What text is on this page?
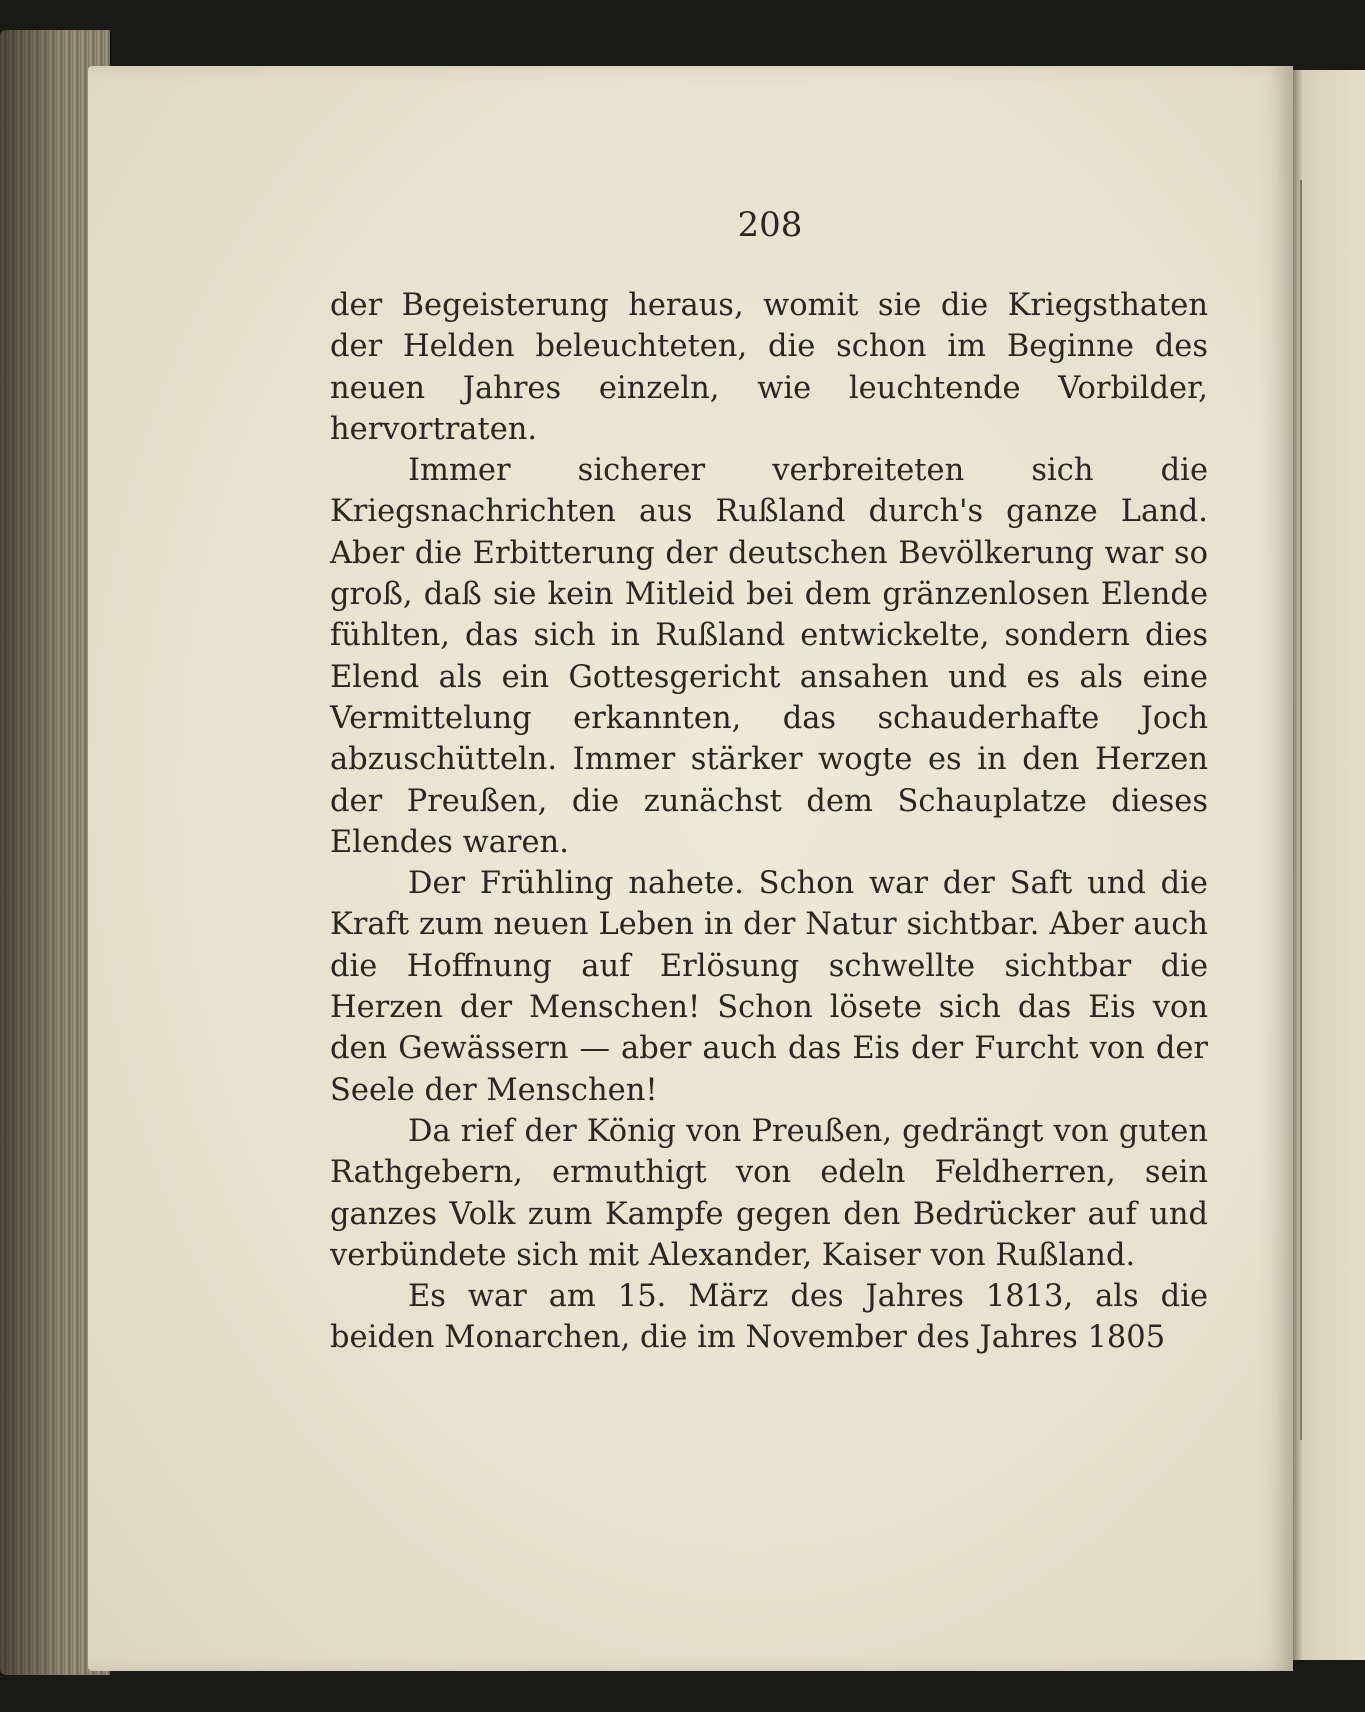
208

der Begeisterung heraus, womit sie die Kriegsthaten der Helden beleuchteten, die schon im Beginne des neuen Jahres einzeln, wie leuchtende Vorbilder, hervortraten.

Immer sicherer verbreiteten sich die Kriegsnachrichten aus Rußland durch's ganze Land. Aber die Erbitterung der deutschen Bevölkerung war so groß, daß sie kein Mitleid bei dem gränzenlosen Elende fühlten, das sich in Rußland entwickelte, sondern dies Elend als ein Gottesgericht ansahen und es als eine Vermittelung erkannten, das schauderhafte Joch abzuschütteln. Immer stärker wogte es in den Herzen der Preußen, die zunächst dem Schauplatze dieses Elendes waren.

Der Frühling nahete. Schon war der Saft und die Kraft zum neuen Leben in der Natur sichtbar. Aber auch die Hoffnung auf Erlösung schwellte sichtbar die Herzen der Menschen! Schon lösete sich das Eis von den Gewässern — aber auch das Eis der Furcht von der Seele der Menschen!

Da rief der König von Preußen, gedrängt von guten Rathgebern, ermuthigt von edeln Feldherren, sein ganzes Volk zum Kampfe gegen den Bedrücker auf und verbündete sich mit Alexander, Kaiser von Rußland.

Es war am 15. März des Jahres 1813, als die beiden Monarchen, die im November des Jahres 1805
